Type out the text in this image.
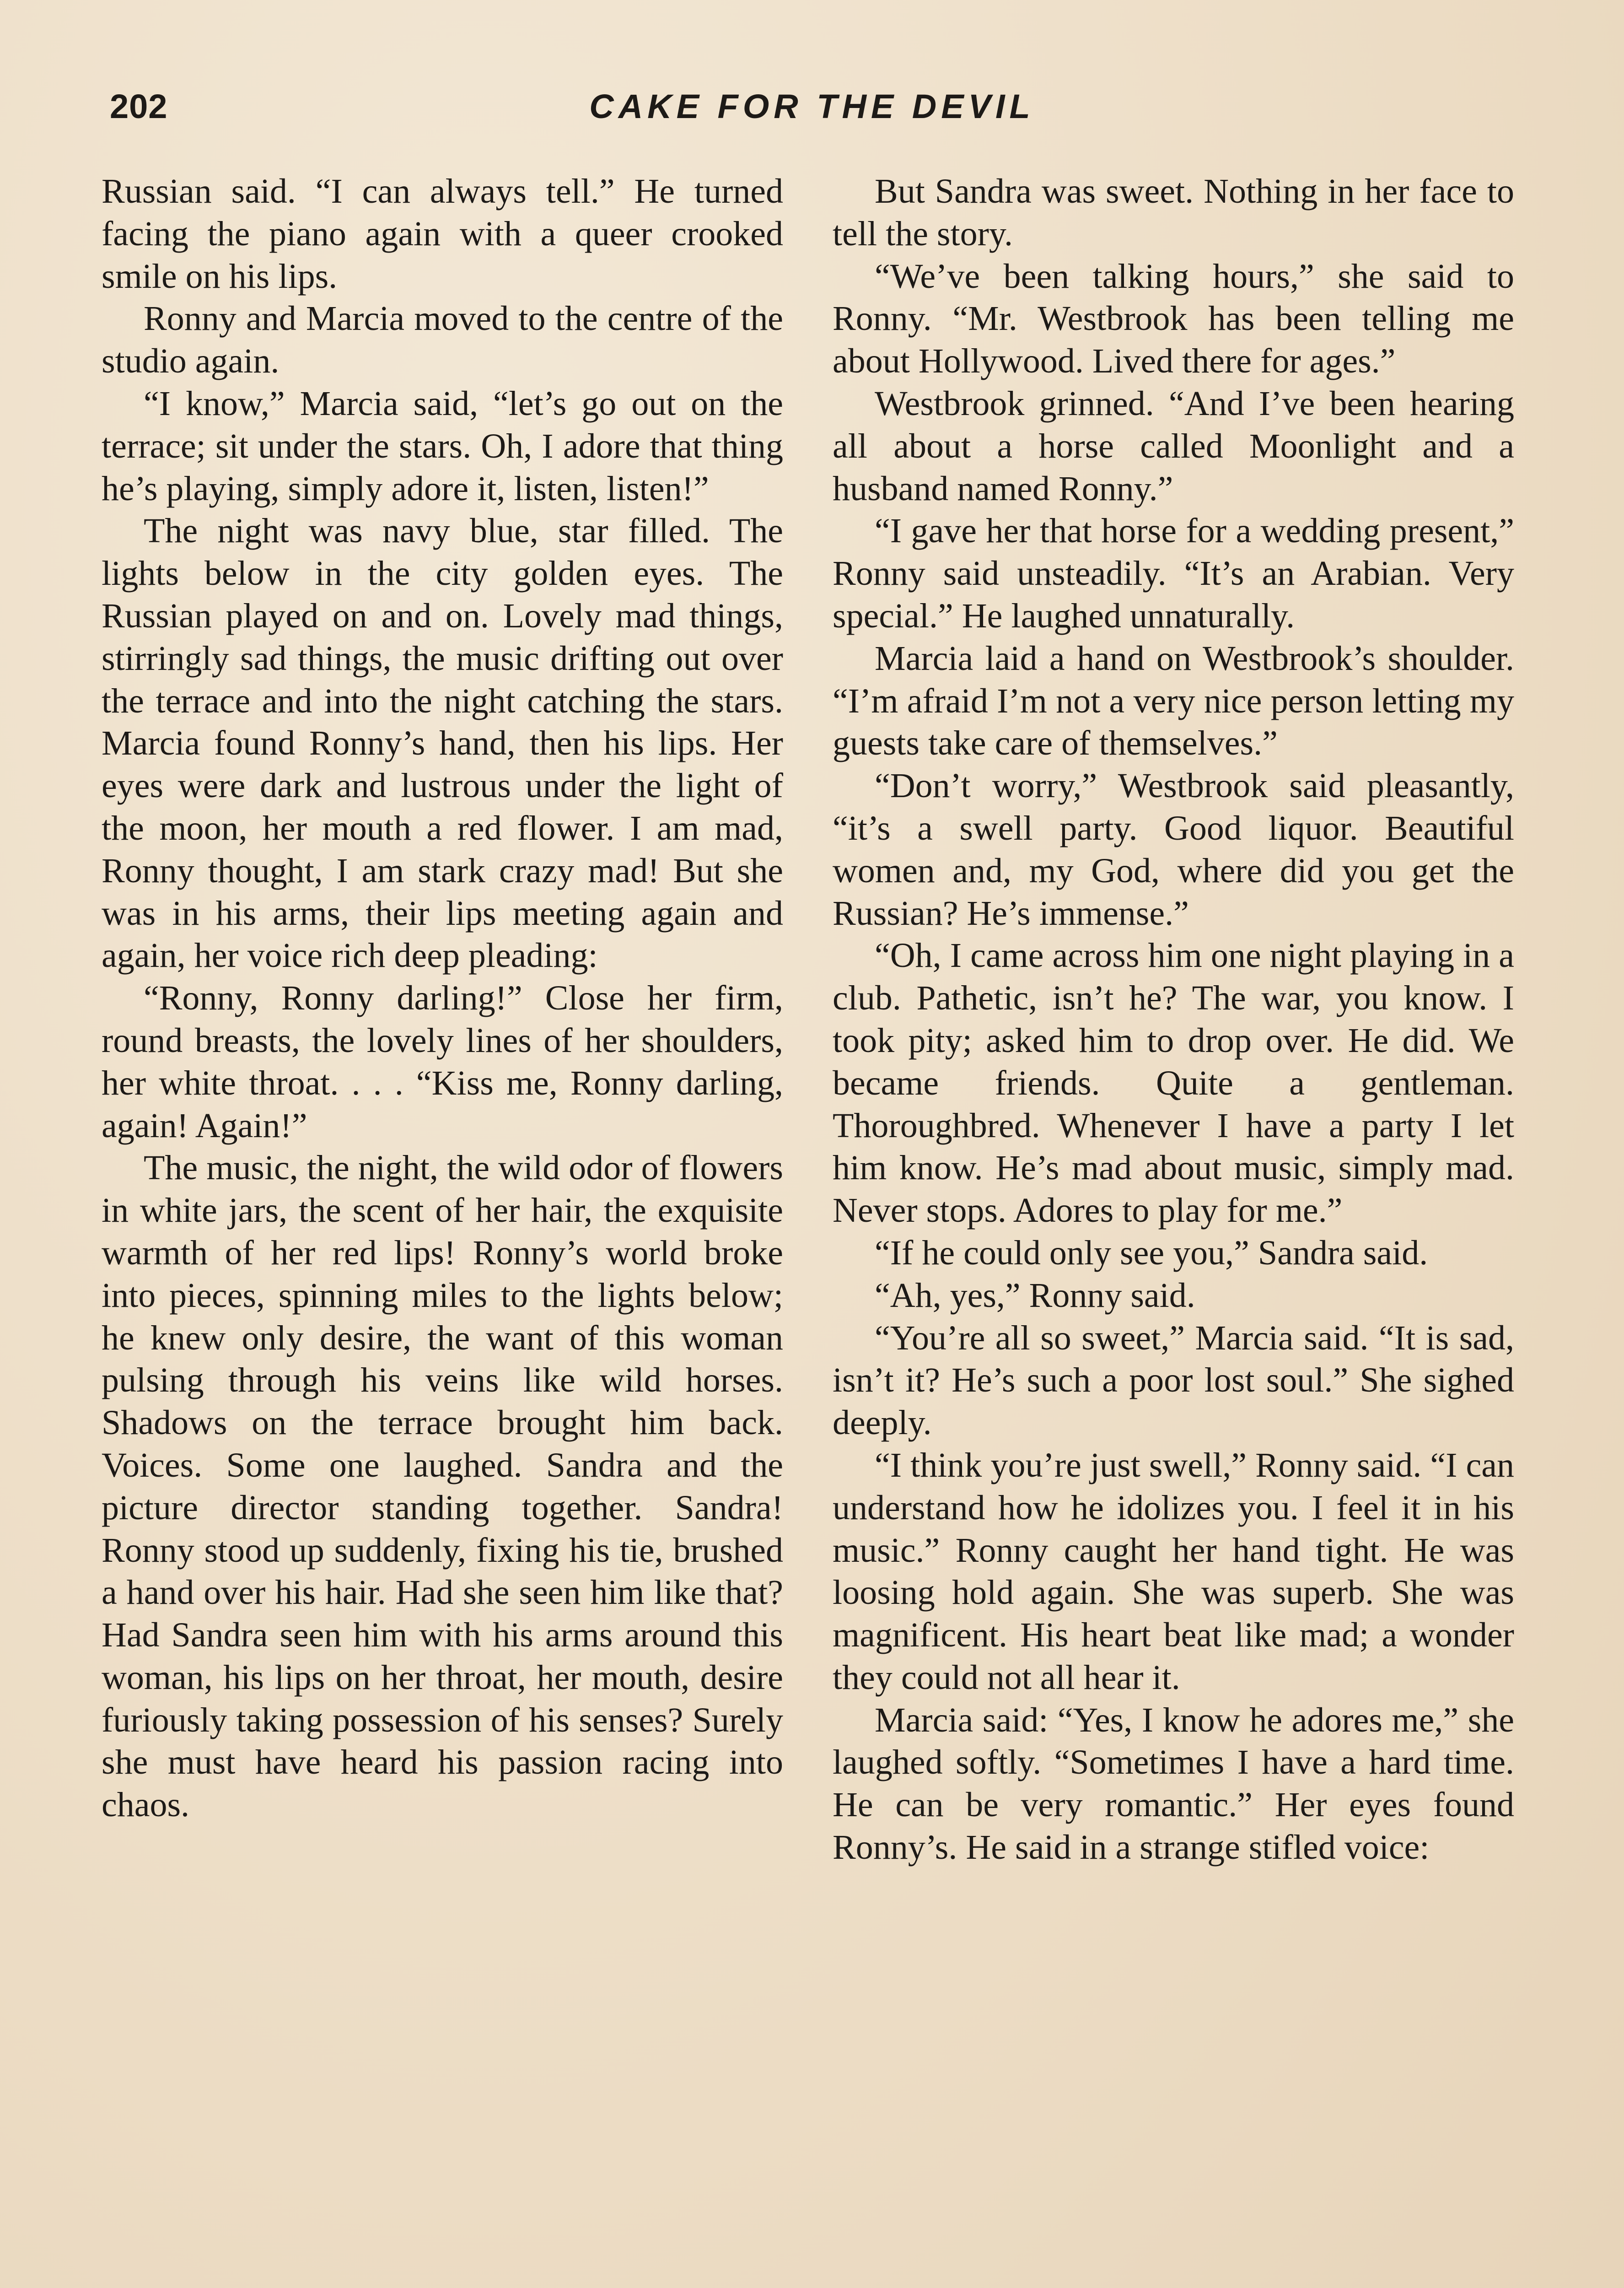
202	CAKE FOR THE DEVIL

Russian said. “I can always tell.” He turned facing the piano again with a queer crooked smile on his lips.

Ronny and Marcia moved to the centre of the studio again.

“I know,” Marcia said, “let’s go out on the terrace; sit under the stars. Oh, I adore that thing he’s playing, simply adore it, listen, listen!”

The night was navy blue, star filled. The lights below in the city golden eyes. The Russian played on and on. Lovely mad things, stirringly sad things, the music drifting out over the terrace and into the night catching the stars. Marcia found Ronny’s hand, then his lips. Her eyes were dark and lustrous under the light of the moon, her mouth a red flower. I am mad, Ronny thought, I am stark crazy mad! But she was in his arms, their lips meeting again and again, her voice rich deep pleading:

“Ronny, Ronny darling!” Close her firm, round breasts, the lovely lines of her shoulders, her white throat. . . . “Kiss me, Ronny darling, again! Again!”

The music, the night, the wild odor of flowers in white jars, the scent of her hair, the exquisite warmth of her red lips! Ronny’s world broke into pieces, spinning miles to the lights below; he knew only desire, the want of this woman pulsing through his veins like wild horses. Shadows on the terrace brought him back. Voices. Some one laughed. Sandra and the picture director standing together. Sandra! Ronny stood up suddenly, fixing his tie, brushed a hand over his hair. Had she seen him like that? Had Sandra seen him with his arms around this woman, his lips on her throat, her mouth, desire furiously taking possession of his senses? Surely she must have heard his passion racing into chaos.

But Sandra was sweet. Nothing in her face to tell the story.

“We’ve been talking hours,” she said to Ronny. “Mr. Westbrook has been telling me about Hollywood. Lived there for ages.”

Westbrook grinned. “And I’ve been hearing all about a horse called Moonlight and a husband named Ronny.”

“I gave her that horse for a wedding present,” Ronny said unsteadily. “It’s an Arabian. Very special.” He laughed unnaturally.

Marcia laid a hand on Westbrook’s shoulder. “I’m afraid I’m not a very nice person letting my guests take care of themselves.”

“Don’t worry,” Westbrook said pleasantly, “it’s a swell party. Good liquor. Beautiful women and, my God, where did you get the Russian? He’s immense.”

“Oh, I came across him one night playing in a club. Pathetic, isn’t he? The war, you know. I took pity; asked him to drop over. He did. We became friends. Quite a gentleman. Thoroughbred. Whenever I have a party I let him know. He’s mad about music, simply mad. Never stops. Adores to play for me.”

“If he could only see you,” Sandra said.

“Ah, yes,” Ronny said.

“You’re all so sweet,” Marcia said. “It is sad, isn’t it? He’s such a poor lost soul.” She sighed deeply.

“I think you’re just swell,” Ronny said. “I can understand how he idolizes you. I feel it in his music.” Ronny caught her hand tight. He was loosing hold again. She was superb. She was magnificent. His heart beat like mad; a wonder they could not all hear it.

Marcia said: “Yes, I know he adores me,” she laughed softly. “Sometimes I have a hard time. He can be very romantic.” Her eyes found Ronny’s. He said in a strange stifled voice:
